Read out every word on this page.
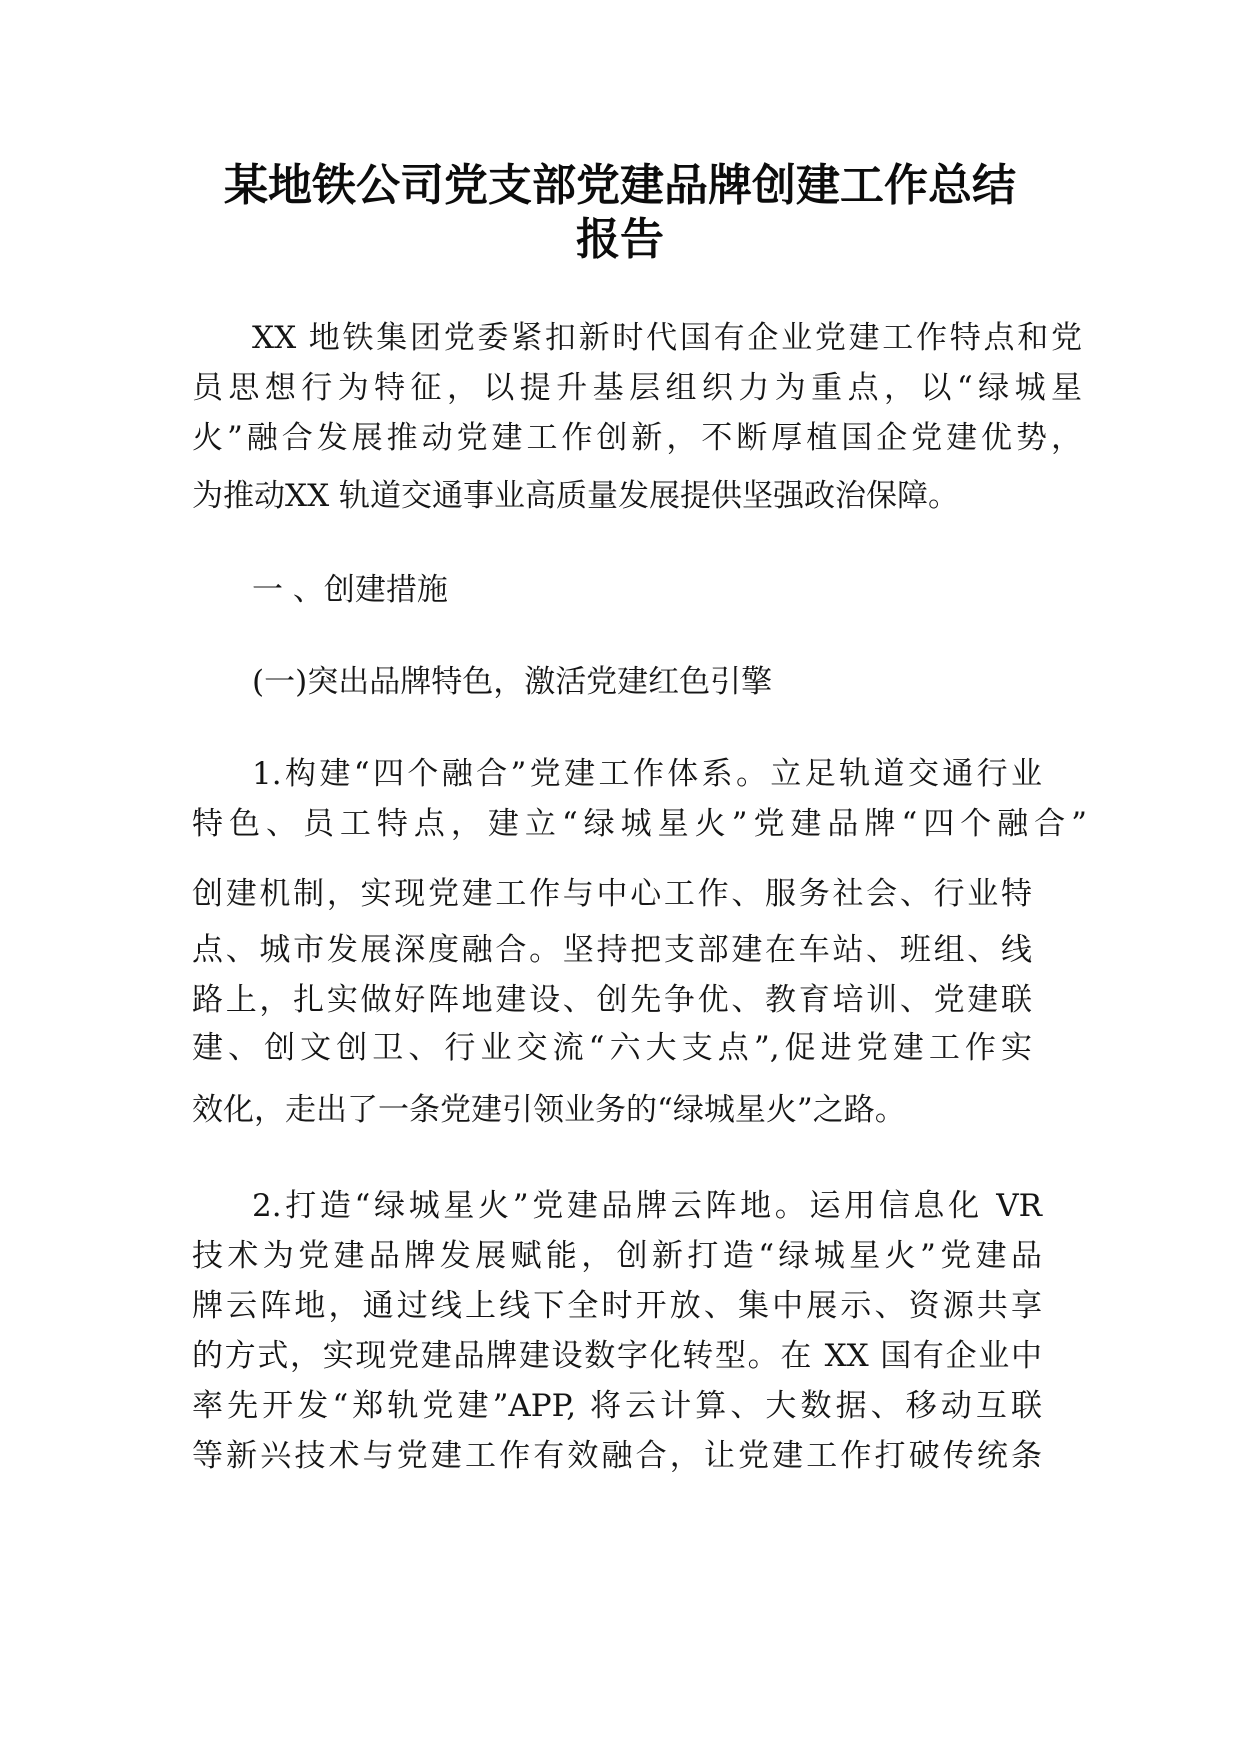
某地铁公司党支部党建品牌创建工作总结
报告
XX 地铁集团党委紧扣新时代国有企业党建工作特点和党
员思想行为特征，以提升基层组织力为重点，以“绿城星
火”融合发展推动党建工作创新，不断厚植国企党建优势，
为推动XX 轨道交通事业高质量发展提供坚强政治保障。
一 、创建措施
(一)突出品牌特色，激活党建红色引擎
1.构建“四个融合”党建工作体系。立足轨道交通行业
特色、员工特点，建立“绿城星火”党建品牌“四个融合”
创建机制，实现党建工作与中心工作、服务社会、行业特
点、城市发展深度融合。坚持把支部建在车站、班组、线
路上，扎实做好阵地建设、创先争优、教育培训、党建联
建、创文创卫、行业交流“六大支点”,促进党建工作实
效化，走出了一条党建引领业务的“绿城星火”之路。
2.打造“绿城星火”党建品牌云阵地。运用信息化 VR
技术为党建品牌发展赋能，创新打造“绿城星火”党建品
牌云阵地，通过线上线下全时开放、集中展示、资源共享
的方式，实现党建品牌建设数字化转型。在 XX 国有企业中
率先开发“郑轨党建”APP, 将云计算、大数据、移动互联
等新兴技术与党建工作有效融合，让党建工作打破传统条
